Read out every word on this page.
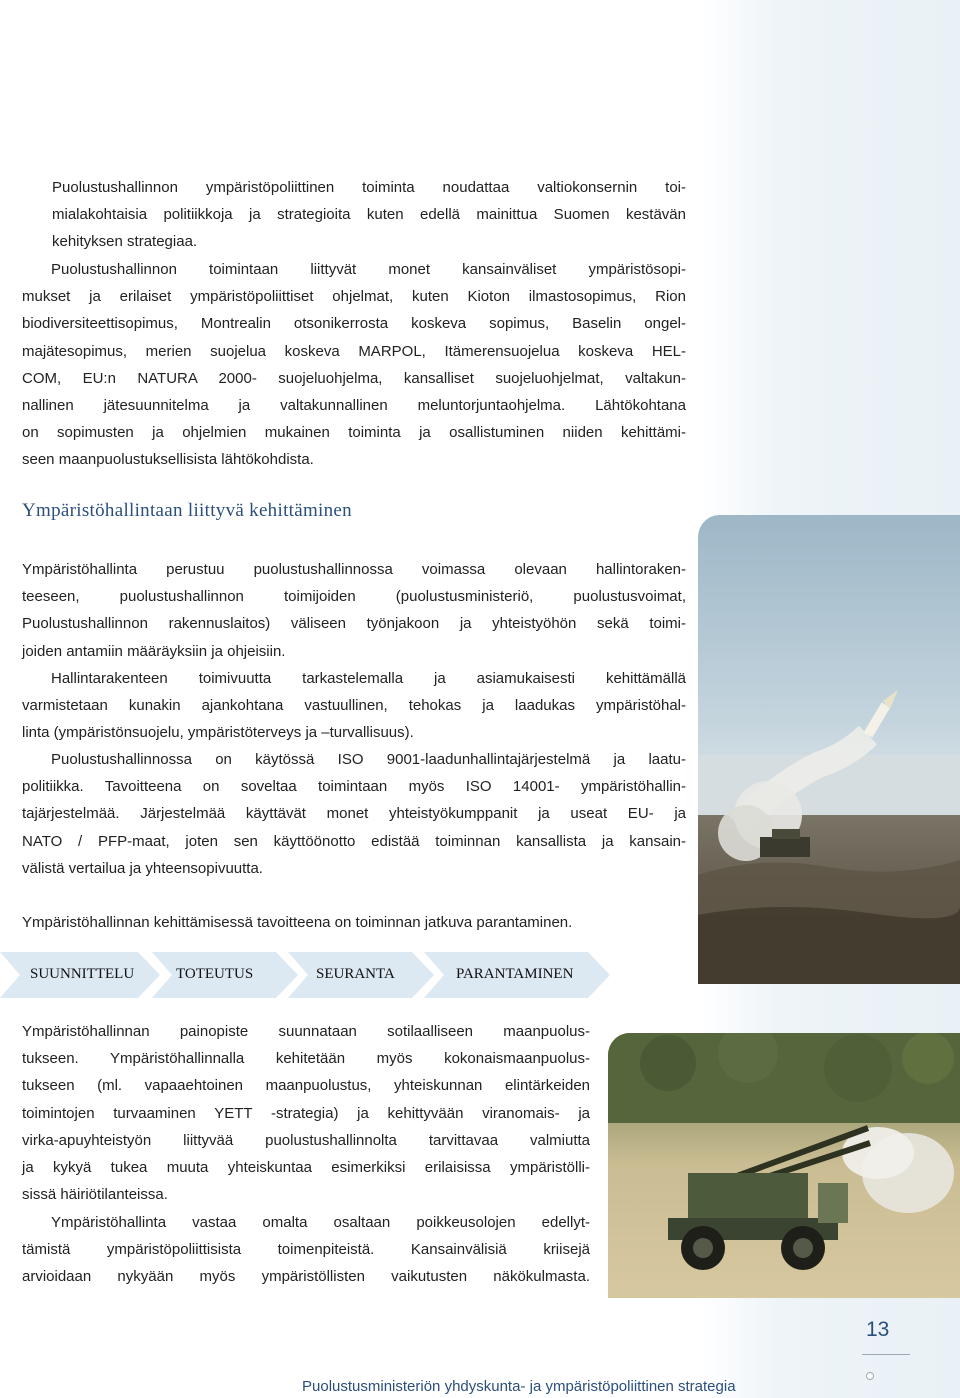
Puolustushallinnon ympäristöpoliittinen toiminta noudattaa valtiokonsernin toi-
mialakohtaisia politiikkoja ja strategioita kuten edellä mainittua Suomen kestävän
kehityksen strategiaa.
Puolustushallinnon toimintaan liittyvät monet kansainväliset ympäristösopi-
mukset ja erilaiset ympäristöpoliittiset ohjelmat, kuten Kioton ilmastosopimus, Rion
biodiversiteettisopimus, Montrealin otsonikerrosta koskeva sopimus, Baselin ongel-
majätesopimus, merien suojelua koskeva MARPOL, Itämerensuojelua koskeva HEL-
COM, EU:n NATURA 2000- suojeluohjelma, kansalliset suojeluohjelmat, valtakun-
nallinen jätesuunnitelma ja valtakunnallinen meluntorjuntaohjelma. Lähtökohtana
on sopimusten ja ohjelmien mukainen toiminta ja osallistuminen niiden kehittämi-
seen maanpuolustuksellisista lähtökohdista.
Ympäristöhallintaan liittyvä kehittäminen
Ympäristöhallinta perustuu puolustushallinnossa voimassa olevaan hallintoraken-
teeseen, puolustushallinnon toimijoiden (puolustusministeriö, puolustusvoimat,
Puolustushallinnon rakennuslaitos) väliseen työnjakoon ja yhteistyöhön sekä toimi-
joiden antamiin määräyksiin ja ohjeisiin.
Hallintarakenteen toimivuutta tarkastelemalla ja asiamukaisesti kehittämällä
varmistetaan kunakin ajankohtana vastuullinen, tehokas ja laadukas ympäristöhal-
linta (ympäristönsuojelu, ympäristöterveys ja –turvallisuus).
Puolustushallinnossa on käytössä ISO 9001-laadunhallintajärjestelmä ja laatu-
politiikka. Tavoitteena on soveltaa toimintaan myös ISO 14001- ympäristöhallin-
tajärjestelmää. Järjestelmää käyttävät monet yhteistyökumppanit ja useat EU- ja
NATO / PFP-maat, joten sen käyttöönotto edistää toiminnan kansallista ja kansain-
välistä vertailua ja yhteensopivuutta.
Ympäristöhallinnan kehittämisessä tavoitteena on toiminnan jatkuva parantaminen.
SUUNNITTELU	TOTEUTUS	SEURANTA	PARANTAMINEN
Ympäristöhallinnan painopiste suunnataan sotilaalliseen maanpuolus-
tukseen. Ympäristöhallinnalla kehitetään myös kokonaismaanpuolus-
tukseen (ml. vapaaehtoinen maanpuolustus, yhteiskunnan elintärkeiden
toimintojen turvaaminen YETT -strategia) ja kehittyvään viranomais- ja
virka-apuyhteistyön liittyvää puolustushallinnolta tarvittavaa valmiutta
ja kykyä tukea muuta yhteiskuntaa esimerkiksi erilaisissa ympäristölli-
sissä häiriötilanteissa.
Ympäristöhallinta vastaa omalta osaltaan poikkeusolojen edellyt-
tämistä ympäristöpoliittisista toimenpiteistä. Kansainvälisiä kriisejä
arvioidaan nykyään myös ympäristöllisten vaikutusten näkökulmasta.
13
Puolustusministeriön yhdyskunta- ja ympäristöpoliittinen strategia
